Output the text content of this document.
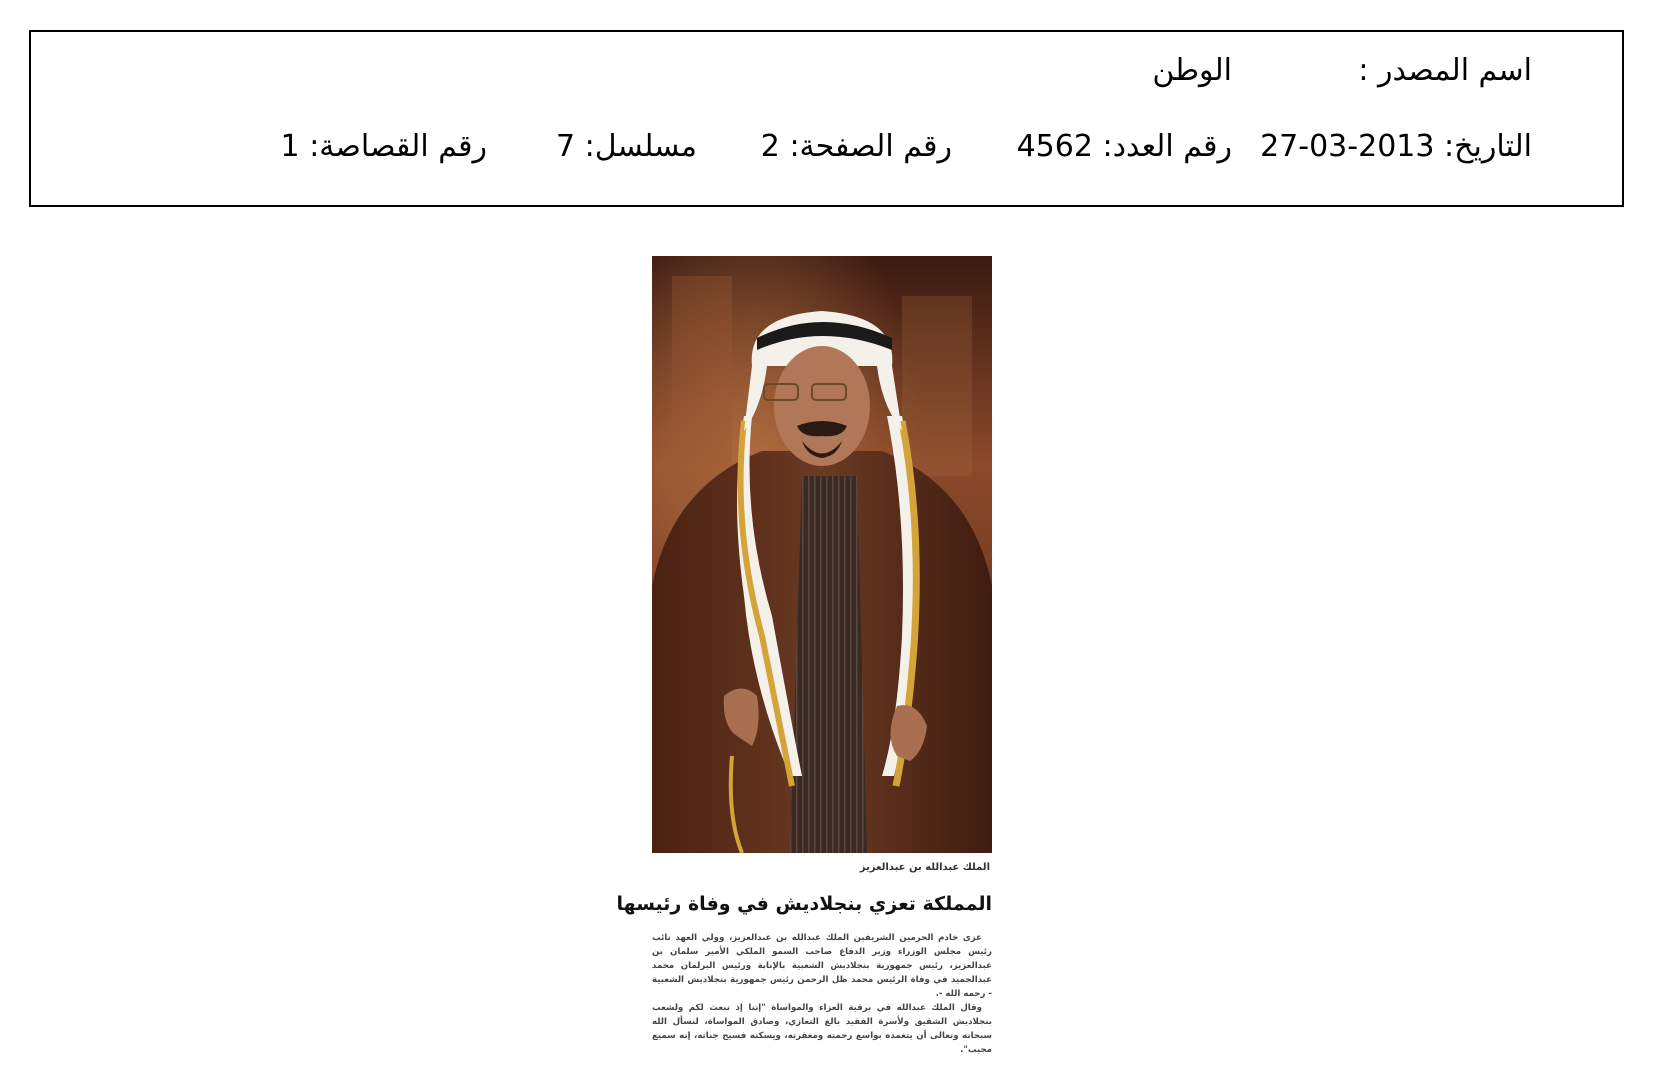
اسم المصدر :
الوطن
التاريخ: 2013-03-27
رقم العدد: 4562
رقم الصفحة: 2
مسلسل: 7
رقم القصاصة: 1
الملك عبدالله بن عبدالعزيز
المملكة تعزي بنجلاديش في وفاة رئيسها

عزى خادم الحرمين الشريفين الملك عبدالله بن عبدالعزيز، وولي العهد نائب رئيس مجلس الوزراء وزير الدفاع صاحب السمو الملكي الأمير سلمان بن عبدالعزيز، رئيس جمهورية بنجلاديش الشعبية بالإنابة ورئيس البرلمان محمد عبدالحميد في وفاة الرئيس محمد ظل الرحمن رئيس جمهورية بنجلاديش الشعبية - رحمه الله -.

وقال الملك عبدالله في برقية العزاء والمواساة "إننا إذ نبعث لكم ولشعب بنجلاديش الشقيق ولأسرة الفقيد بالغ التعازي، وصادق المواساة، لنسأل الله سبحانه وتعالى أن يتغمده بواسع رحمته ومغفرته، ويسكنه فسيح جناته، إنه سميع مجيب".
